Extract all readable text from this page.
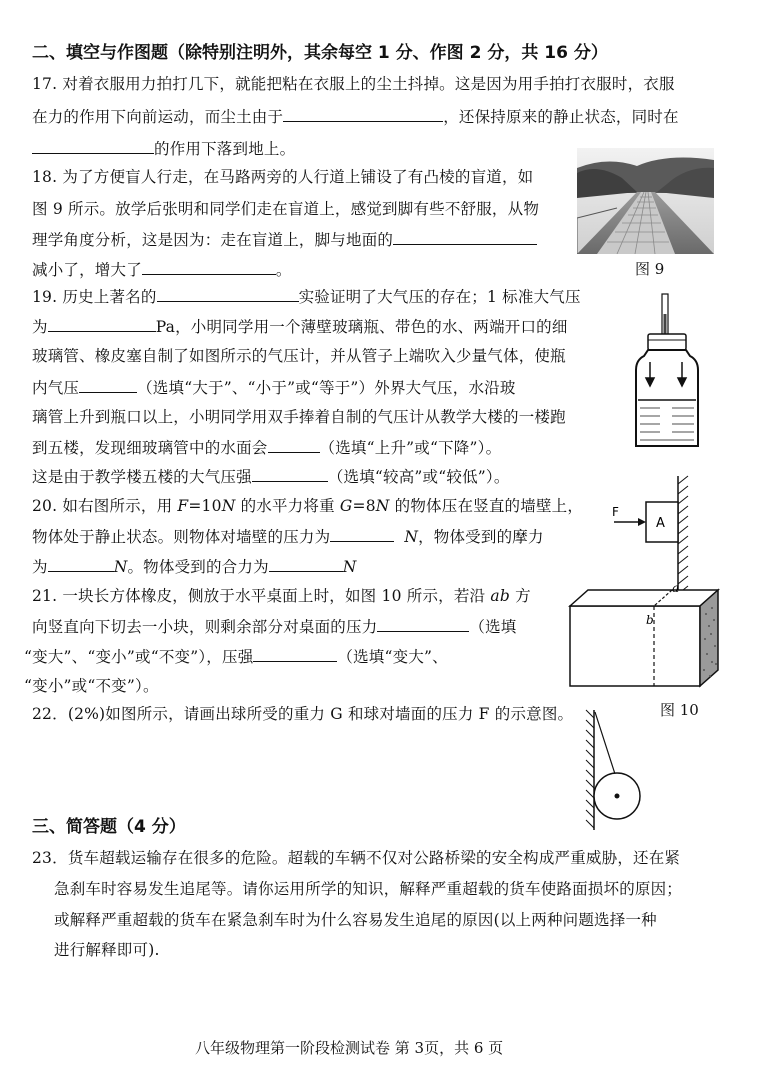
二、填空与作图题（除特别注明外，其余每空 1 分、作图 2 分，共 16 分）
17. 对着衣服用力拍打几下，就能把粘在衣服上的尘土抖掉。这是因为用手拍打衣服时，衣服
在力的作用下向前运动，而尘土由于	，还保持原来的静止状态，同时在
的作用下落到地上。
18. 为了方便盲人行走，在马路两旁的人行道上铺设了有凸棱的盲道，如
图 9 所示。放学后张明和同学们走在盲道上，感觉到脚有些不舒服，从物
理学角度分析，这是因为：走在盲道上，脚与地面的
减小了，增大了	。	图 9
19. 历史上著名的	实验证明了大气压的存在；1 标准大气压
为	Pa，小明同学用一个薄壁玻璃瓶、带色的水、两端开口的细
玻璃管、橡皮塞自制了如图所示的气压计，并从管子上端吹入少量气体，使瓶
内气压	（选填“大于”、“小于”或“等于”）外界大气压，水沿玻
璃管上升到瓶口以上，小明同学用双手捧着自制的气压计从教学大楼的一楼跑
到五楼，发现细玻璃管中的水面会	（选填“上升”或“下降”）。
这是由于教学楼五楼的大气压强	（选填“较高”或“较低”）。
20. 如右图所示，用 F=10N 的水平力将重 G=8N 的物体压在竖直的墙壁上，
物体处于静止状态。则物体对墙壁的压力为	N，物体受到的摩力
为	N。物体受到的合力为	N
A
F
21. 一块长方体橡皮，侧放于水平桌面上时，如图 10 所示，若沿 ab 方
向竖直向下切去一小块，则剩余部分对桌面的压力	（选填
“变大”、“变小”或“不变”），压强	（选填“变大”、
“变小”或“不变”）。
a
b
图 10
22．(2%)如图所示，请画出球所受的重力 G 和球对墙面的压力 F 的示意图。
三、简答题（4 分）
23．货车超载运输存在很多的危险。超载的车辆不仅对公路桥梁的安全构成严重威胁，还在紧
急刹车时容易发生追尾等。请你运用所学的知识，解释严重超载的货车使路面损坏的原因；
或解释严重超载的货车在紧急刹车时为什么容易发生追尾的原因(以上两种问题选择一种
进行解释即可).
八年级物理第一阶段检测试卷 第 3页，共 6 页
